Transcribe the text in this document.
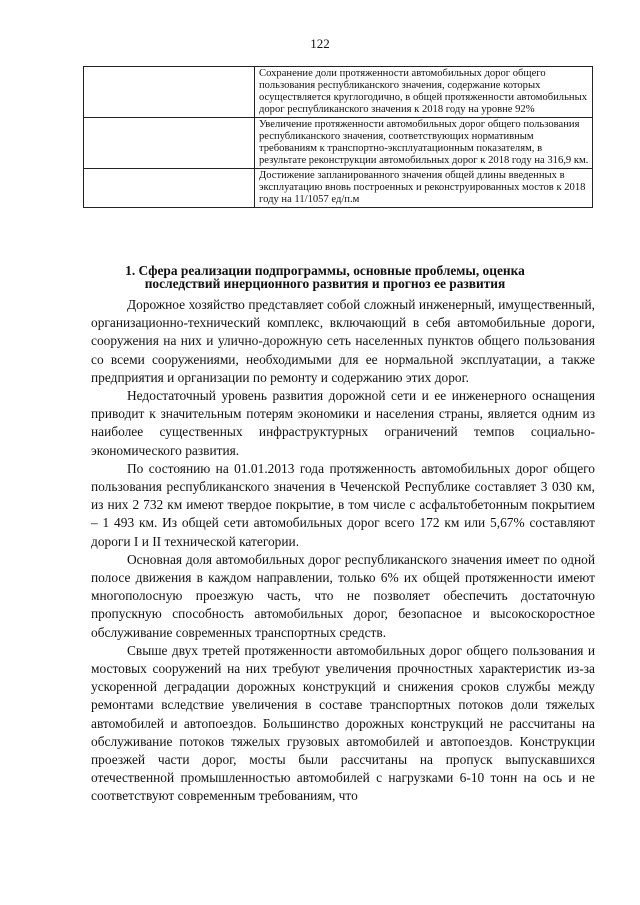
122
	Сохранение доли протяженности автомобильных дорог общего пользования республиканского значения, содержание которых осуществляется круглогодично, в общей протяженности автомобильных дорог республиканского значения к 2018 году на уровне 92%
	Увеличение протяженности автомобильных дорог общего пользования республиканского значения, соответствующих нормативным требованиям к транспортно-эксплуатационным показателям, в результате реконструкции автомобильных дорог к 2018 году на 316,9 км.
	Достижение запланированного значения общей длины введенных в эксплуатацию вновь построенных и реконструированных мостов к 2018 году на 11/1057 ед/п.м
1. Сфера реализации подпрограммы, основные проблемы, оценка последствий инерционного развития и прогноз ее развития

Дорожное хозяйство представляет собой сложный инженерный, имущественный, организационно-технический комплекс, включающий в себя автомобильные дороги, сооружения на них и улично-дорожную сеть населенных пунктов общего пользования со всеми сооружениями, необходимыми для ее нормальной эксплуатации, а также предприятия и организации по ремонту и содержанию этих дорог.

Недостаточный уровень развития дорожной сети и ее инженерного оснащения приводит к значительным потерям экономики и населения страны, является одним из наиболее существенных инфраструктурных ограничений темпов социально-экономического развития.

По состоянию на 01.01.2013 года протяженность автомобильных дорог общего пользования республиканского значения в Чеченской Республике составляет 3 030 км, из них 2 732 км имеют твердое покрытие, в том числе с асфальтобетонным покрытием – 1 493 км. Из общей сети автомобильных дорог всего 172 км или 5,67% составляют дороги I и II технической категории.

Основная доля автомобильных дорог республиканского значения имеет по одной полосе движения в каждом направлении, только 6% их общей протяженности имеют многополосную проезжую часть, что не позволяет обеспечить достаточную пропускную способность автомобильных дорог, безопасное и высокоскоростное обслуживание современных транспортных средств.

Свыше двух третей протяженности автомобильных дорог общего пользования и мостовых сооружений на них требуют увеличения прочностных характеристик из-за ускоренной деградации дорожных конструкций и снижения сроков службы между ремонтами вследствие увеличения в составе транспортных потоков доли тяжелых автомобилей и автопоездов. Большинство дорожных конструкций не рассчитаны на обслуживание потоков тяжелых грузовых автомобилей и автопоездов. Конструкции проезжей части дорог, мосты были рассчитаны на пропуск выпускавшихся отечественной промышленностью автомобилей с нагрузками 6-10 тонн на ось и не соответствуют современным требованиям, что
